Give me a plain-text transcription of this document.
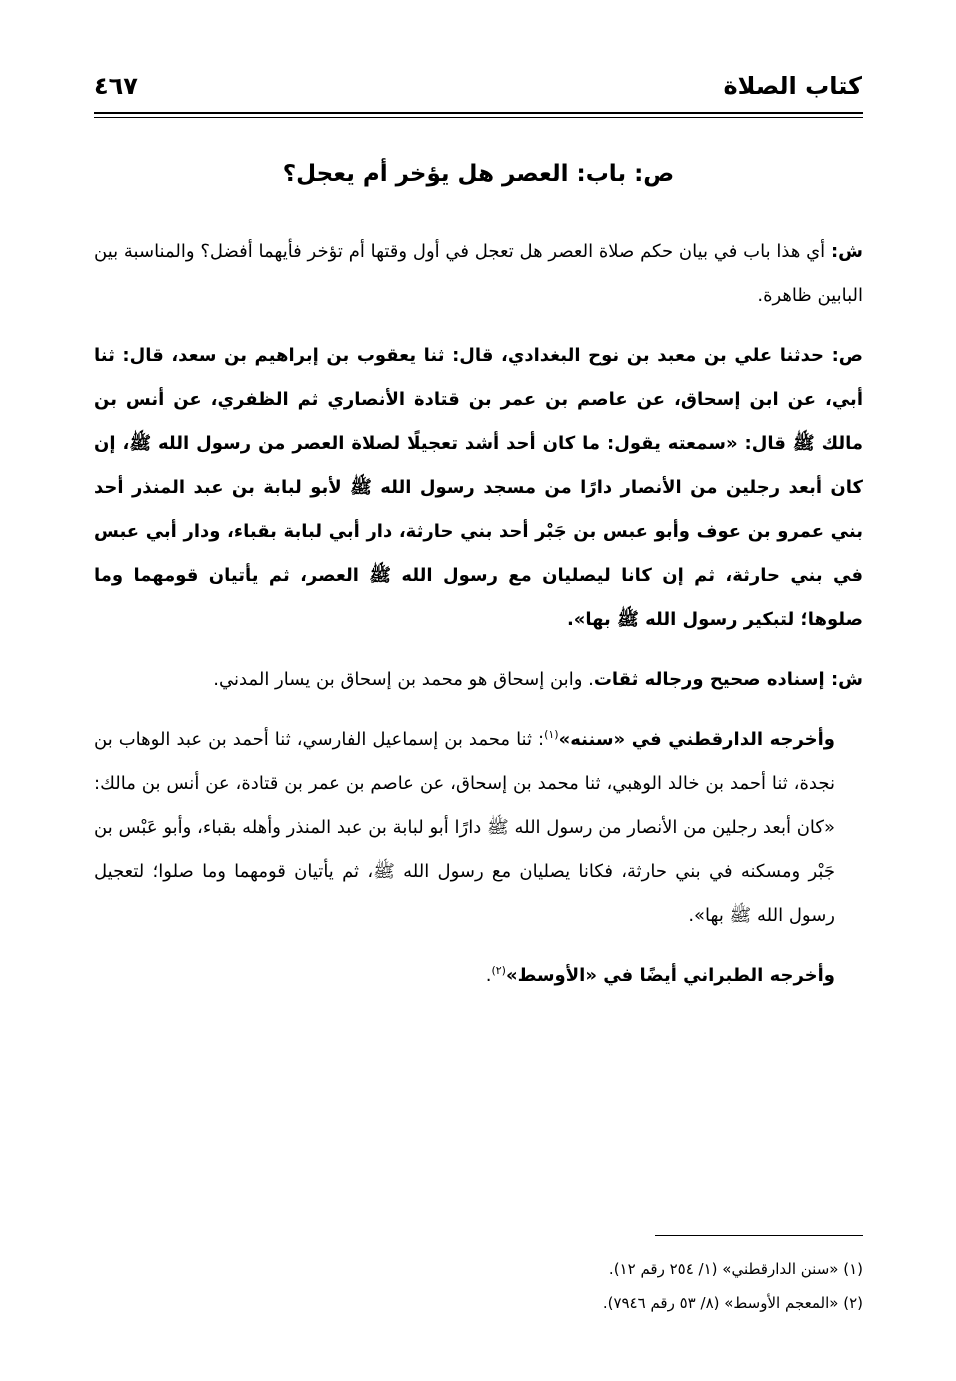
كتاب الصلاة
٤٦٧
ص: باب: العصر هل يؤخر أم يعجل؟

ش: أي هذا باب في بيان حكم صلاة العصر هل تعجل في أول وقتها أم تؤخر فأيهما أفضل؟ والمناسبة بين البابين ظاهرة.

ص: حدثنا علي بن معبد بن نوح البغدادي، قال: ثنا يعقوب بن إبراهيم بن سعد، قال: ثنا أبي، عن ابن إسحاق، عن عاصم بن عمر بن قتادة الأنصاري ثم الظفري، عن أنس بن مالك ﷺ قال: «سمعته يقول: ما كان أحد أشد تعجيلًا لصلاة العصر من رسول الله ﷺ، إن كان أبعد رجلين من الأنصار دارًا من مسجد رسول الله ﷺ لأبو لبابة بن عبد المنذر أحد بني عمرو بن عوف وأبو عبس بن جَبْر أحد بني حارثة، دار أبي لبابة بقباء، ودار أبي عبس في بني حارثة، ثم إن كانا ليصليان مع رسول الله ﷺ العصر، ثم يأتيان قومهما وما صلوها؛ لتبكير رسول الله ﷺ بها».

ش: إسناده صحيح ورجاله ثقات. وابن إسحاق هو محمد بن إسحاق بن يسار المدني.

وأخرجه الدارقطني في «سننه»$^{(١)}$: ثنا محمد بن إسماعيل الفارسي، ثنا أحمد بن عبد الوهاب بن نجدة، ثنا أحمد بن خالد الوهبي، ثنا محمد بن إسحاق، عن عاصم بن عمر بن قتادة، عن أنس بن مالك: «كان أبعد رجلين من الأنصار من رسول الله ﷺ دارًا أبو لبابة بن عبد المنذر وأهله بقباء، وأبو عَبْس بن جَبْر ومسكنه في بني حارثة، فكانا يصليان مع رسول الله ﷺ، ثم يأتيان قومهما وما صلوا؛ لتعجيل رسول الله ﷺ بها».

وأخرجه الطبراني أيضًا في «الأوسط»$^{(٢)}$.

(١) «سنن الدارقطني» (١/ ٢٥٤ رقم ١٢).
(٢) «المعجم الأوسط» (٨/ ٥٣ رقم ٧٩٤٦).
